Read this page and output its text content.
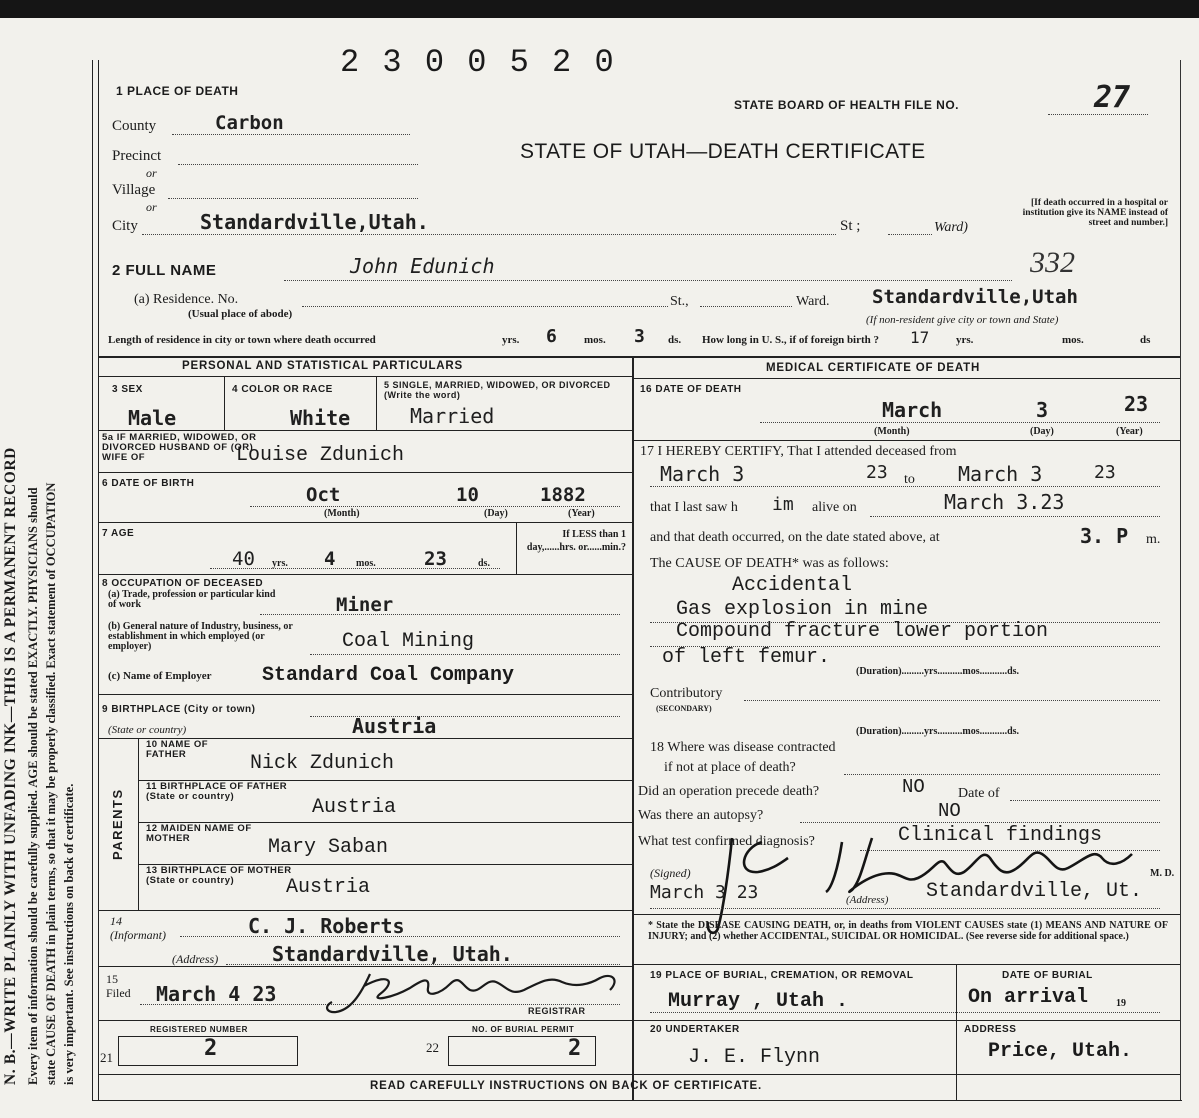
N. B.—WRITE PLAINLY WITH UNFADING INK—THIS IS A PERMANENT RECORD Every item of information should be carefully supplied. AGE should be stated EXACTLY. PHYSICIANS should state CAUSE OF DEATH in plain terms, so that it may be properly classified. Exact statement of OCCUPATION is very important. See instructions on back of certificate.
2 3 0 0 5 2 0
1 PLACE OF DEATH
STATE BOARD OF HEALTH FILE NO.	27
STATE OF UTAH—DEATH CERTIFICATE
[If death occurred in a hospital or institution give its NAME instead of street and number.]
332
County	Carbon
Precinct
or
Village
or
City	Standardville,Utah.	St ;	Ward)
2 FULL NAME	John Edunich
(a) Residence. No.
(Usual place of abode)
St.,	Ward. Standardville,Utah
(If non-resident give city or town and State)
Length of residence in city or town where death occurred	yrs. 6 mos. 3 ds. How long in U. S., if of foreign birth ? 17 yrs.	mos.	ds
PERSONAL AND STATISTICAL PARTICULARS	MEDICAL CERTIFICATE OF DEATH
3 SEX	4 COLOR OR RACE	5 SINGLE, MARRIED, WIDOWED, OR DIVORCED (Write the word)
Male	White	Married
5a IF MARRIED, WIDOWED, OR DIVORCED HUSBAND OF (OR) WIFE OF	Louise Zdunich
6 DATE OF BIRTH
Oct	10	1882
(Month)	(Day)	(Year)
7 AGE
40 yrs. 4 mos.	23	ds.
If LESS than 1 day,......hrs. or......min.?
8 OCCUPATION OF DECEASED
(a) Trade, profession or particular kind of work	Miner
(b) General nature of Industry, business, or establishment in which employed (or employer)	Coal Mining
(c) Name of Employer	Standard Coal Company
9 BIRTHPLACE (City or town)
(State or country)	Austria
PARENTS
10 NAME OF FATHER	Nick Zdunich
11 BIRTHPLACE OF FATHER (State or country)	Austria
12 MAIDEN NAME OF MOTHER	Mary Saban
13 BIRTHPLACE OF MOTHER (State or country)	Austria
14 (Informant)	C. J. Roberts
(Address)	Standardville, Utah.
15 Filed	March 4 23
REGISTRAR
REGISTERED NUMBER	NO. OF BURIAL PERMIT
21	2	22	2
16 DATE OF DEATH
March	3	23
(Month)	(Day)	(Year)
17 I HEREBY CERTIFY, That I attended deceased from
March 3	23 to March 3	23
that I last saw h im alive on	March 3.23
and that death occurred, on the date stated above, at	3. P m.
The CAUSE OF DEATH* was as follows:
Accidental
Gas explosion in mine
Compound fracture lower portion
of left femur.
(Duration).........yrs..........mos...........ds.
Contributory
(SECONDARY)
(Duration).........yrs..........mos...........ds.
18 Where was disease contracted
if not at place of death?
Did an operation precede death?	NO Date of
Was there an autopsy?	NO
What test confirmed diagnosis?	Clinical findings
(Signed)	M. D.
March 3 23	(Address) Standardville, Ut.
* State the DISEASE CAUSING DEATH, or, in deaths from VIOLENT CAUSES state (1) MEANS AND NATURE OF INJURY; and (2) whether ACCIDENTAL, SUICIDAL OR HOMICIDAL. (See reverse side for additional space.)
19 PLACE OF BURIAL, CREMATION, OR REMOVAL
Murray , Utah .
DATE OF BURIAL
On arrival	19
20 UNDERTAKER
J. E. Flynn
ADDRESS
Price, Utah.
READ CAREFULLY INSTRUCTIONS ON BACK OF CERTIFICATE.
